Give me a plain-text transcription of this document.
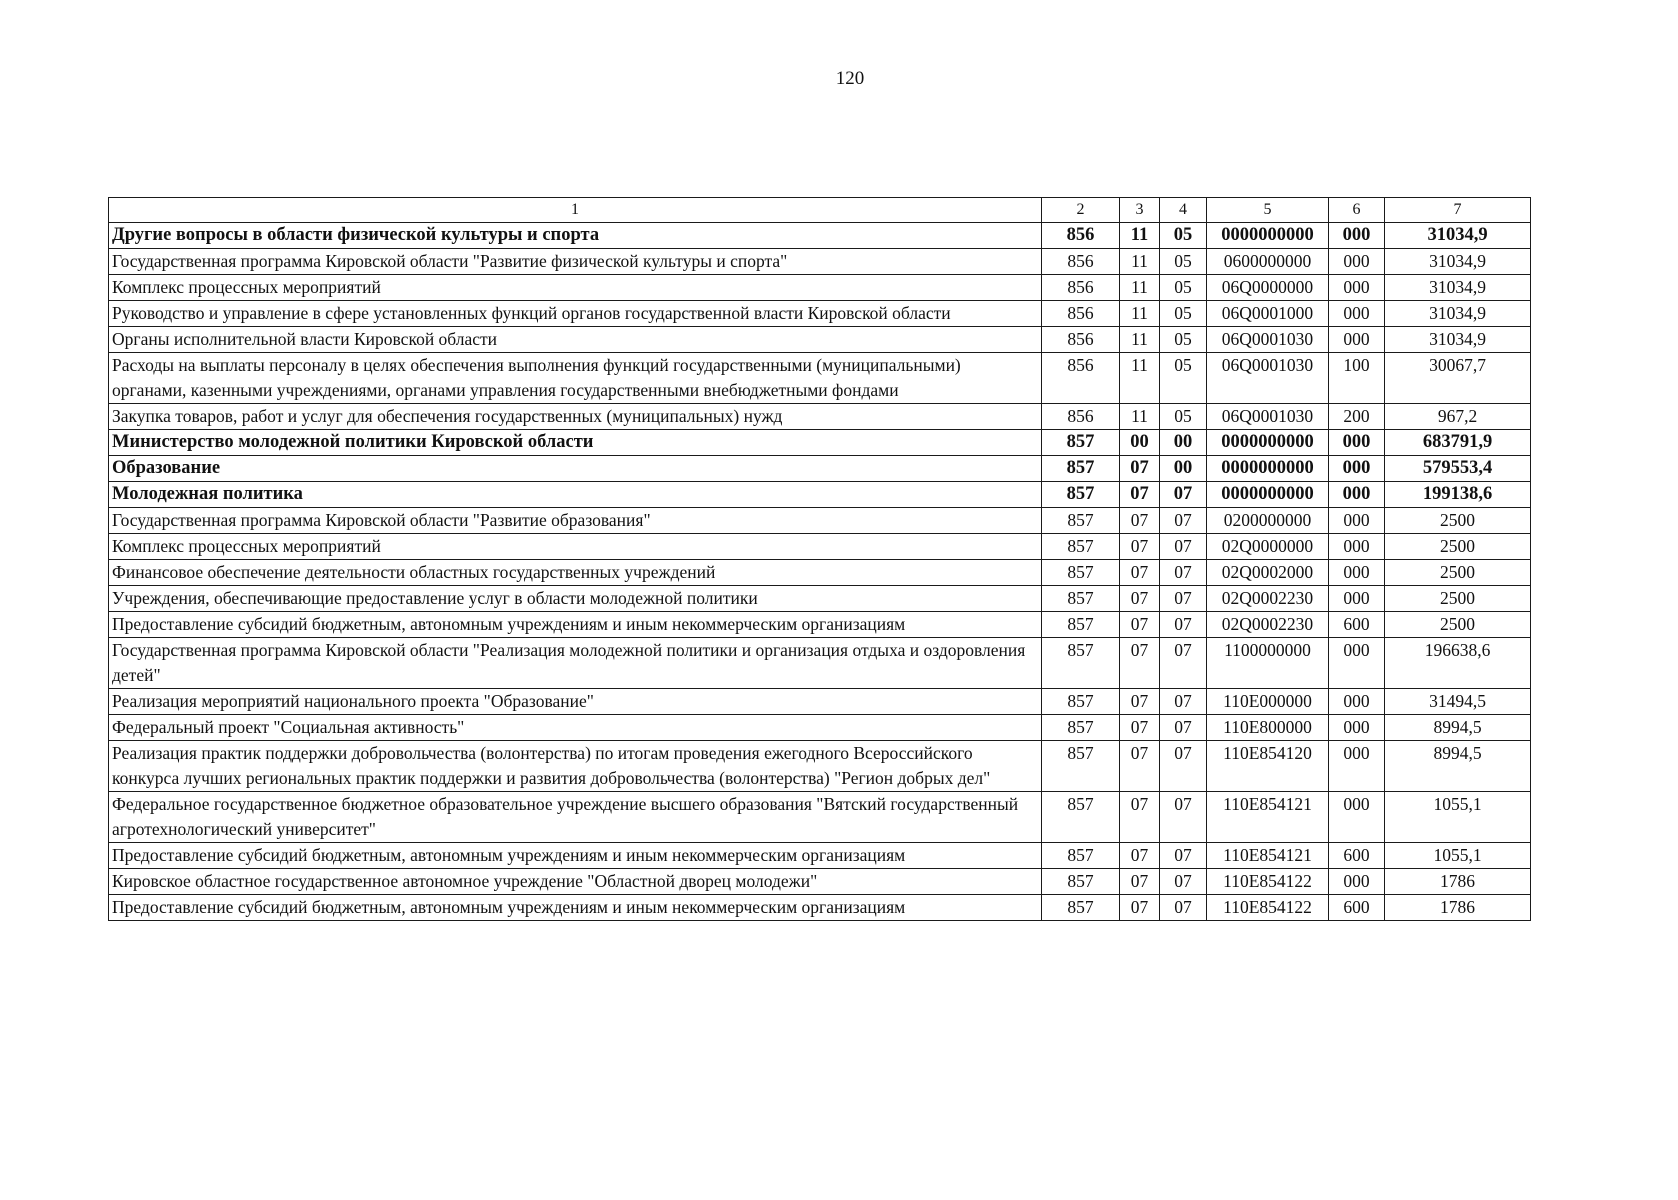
120
1	2	3	4	5	6	7
Другие вопросы в области физической культуры и спорта	856	11	05	0000000000	000	31034,9
Государственная программа Кировской области "Развитие физической культуры и спорта"	856	11	05	0600000000	000	31034,9
Комплекс процессных мероприятий	856	11	05	06Q0000000	000	31034,9
Руководство и управление в сфере установленных функций органов государственной власти Кировской области	856	11	05	06Q0001000	000	31034,9
Органы исполнительной власти Кировской области	856	11	05	06Q0001030	000	31034,9
Расходы на выплаты персоналу в целях обеспечения выполнения функций государственными (муниципальными) органами, казенными учреждениями, органами управления государственными внебюджетными фондами	856	11	05	06Q0001030	100	30067,7
Закупка товаров, работ и услуг для обеспечения государственных (муниципальных) нужд	856	11	05	06Q0001030	200	967,2
Министерство молодежной политики Кировской области	857	00	00	0000000000	000	683791,9
Образование	857	07	00	0000000000	000	579553,4
Молодежная политика	857	07	07	0000000000	000	199138,6
Государственная программа Кировской области "Развитие образования"	857	07	07	0200000000	000	2500
Комплекс процессных мероприятий	857	07	07	02Q0000000	000	2500
Финансовое обеспечение деятельности областных государственных учреждений	857	07	07	02Q0002000	000	2500
Учреждения, обеспечивающие предоставление услуг в области молодежной политики	857	07	07	02Q0002230	000	2500
Предоставление субсидий бюджетным, автономным учреждениям и иным некоммерческим организациям	857	07	07	02Q0002230	600	2500
Государственная программа Кировской области "Реализация молодежной политики и организация отдыха и оздоровления детей"	857	07	07	1100000000	000	196638,6
Реализация мероприятий национального проекта "Образование"	857	07	07	110E000000	000	31494,5
Федеральный проект "Социальная активность"	857	07	07	110E800000	000	8994,5
Реализация практик поддержки добровольчества (волонтерства) по итогам проведения ежегодного Всероссийского конкурса лучших региональных практик поддержки и развития добровольчества (волонтерства) "Регион добрых дел"	857	07	07	110E854120	000	8994,5
Федеральное государственное бюджетное образовательное учреждение высшего образования "Вятский государственный агротехнологический университет"	857	07	07	110E854121	000	1055,1
Предоставление субсидий бюджетным, автономным учреждениям и иным некоммерческим организациям	857	07	07	110E854121	600	1055,1
Кировское областное государственное автономное учреждение "Областной дворец молодежи"	857	07	07	110E854122	000	1786
Предоставление субсидий бюджетным, автономным учреждениям и иным некоммерческим организациям	857	07	07	110E854122	600	1786
